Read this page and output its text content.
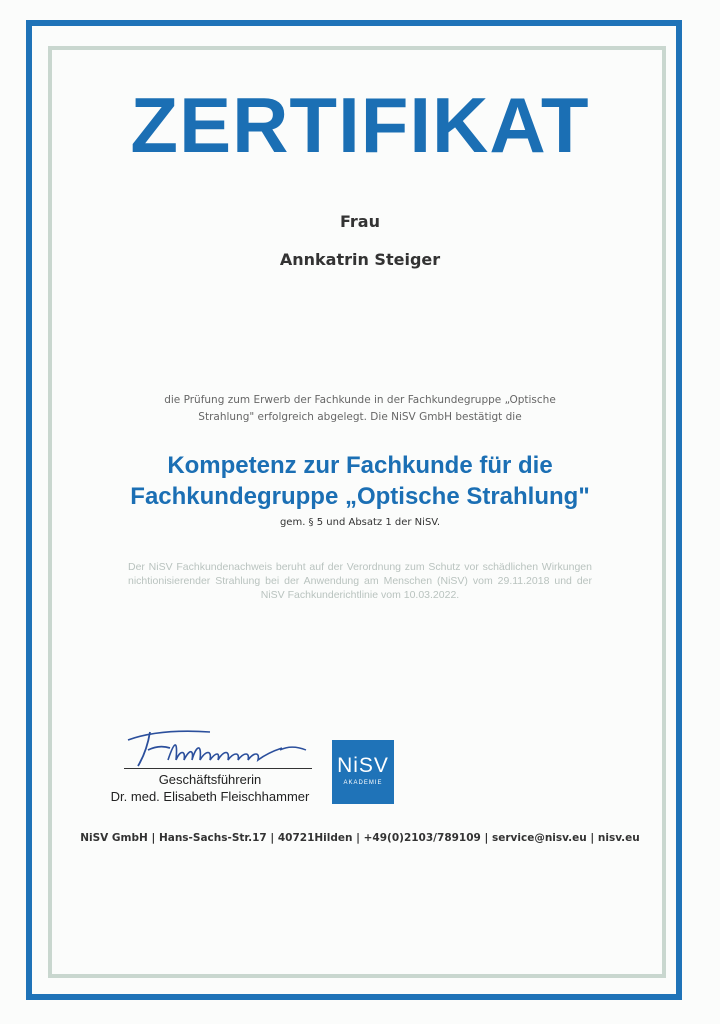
ZERTIFIKAT
Frau
Annkatrin Steiger
die Prüfung zum Erwerb der Fachkunde in der Fachkundegruppe „Optische
Strahlung" erfolgreich abgelegt. Die NiSV GmbH bestätigt die
Kompetenz zur Fachkunde für die
Fachkundegruppe „Optische Strahlung"
gem. § 5 und Absatz 1 der NiSV.
Der NiSV Fachkundenachweis beruht auf der Verordnung zum Schutz vor schädlichen Wirkungen nichtionisierender Strahlung bei der Anwendung am Menschen (NiSV) vom 29.11.2018 und der NiSV Fachkunderichtlinie vom 10.03.2022.
Geschäftsführerin
Dr. med. Elisabeth Fleischhammer
NiSV
AKADEMIE
NiSV GmbH | Hans-Sachs-Str.17 | 40721Hilden | +49(0)2103/789109 | service@nisv.eu | nisv.eu
